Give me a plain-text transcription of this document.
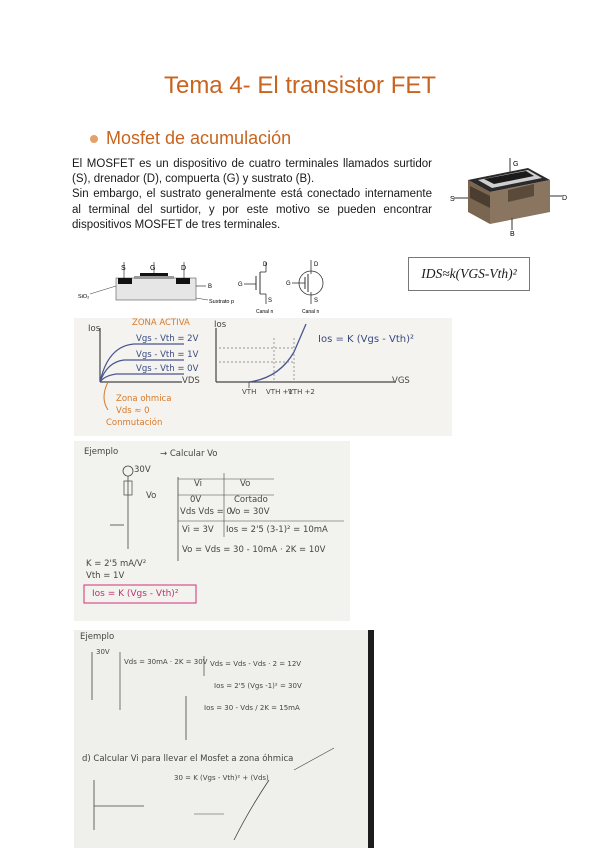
Tema 4- El transistor FET
Mosfet de acumulación

El MOSFET es un dispositivo de cuatro terminales llamados surtidor (S), drenador (D), compuerta (G) y sustrato (B).

Sin embargo, el sustrato generalmente está conectado internamente al terminal del surtidor, y por este motivo se pueden encontrar dispositivos MOSFET de tres terminales.

G
S	D
B
S	G	D
B
SiO₂
Sustrato p
D
G
S
Canal n
D
G
S
Canal n
IDS≈k(VGS-Vth)²
Ios
ZONA ACTIVA	Ios
Vgs - Vth = 2V
Vgs - Vth = 1V
Vgs - Vth = 0V
VDS	VGS
Ios = K (Vgs - Vth)²
Zona ohmica
Vds ≈ 0
Conmutación
VTH VTH +1
VTH +2
Ejemplo	→ Calcular Vo
30V
Vo
Vi	Vo
0V	Cortado
Vds Vds = 0
Vo = 30V
Vi = 3V Ios = 2'5 (3-1)² = 10mA
Vo = Vds = 30 - 10mA · 2K = 10V
K = 2'5 mA/V²
Vth = 1V
Ios = K (Vgs - Vth)²
Ejemplo
30V
Vds = 30mA · 2K = 30V Vds = Vds - Vds · 2 = 12V
Ios = 2'5 (Vgs -1)² = 30V
Ios = 30 - Vds / 2K = 15mA
d) Calcular Vi para llevar el Mosfet a zona óhmica
30 = K (Vgs - Vth)² + (Vds)
